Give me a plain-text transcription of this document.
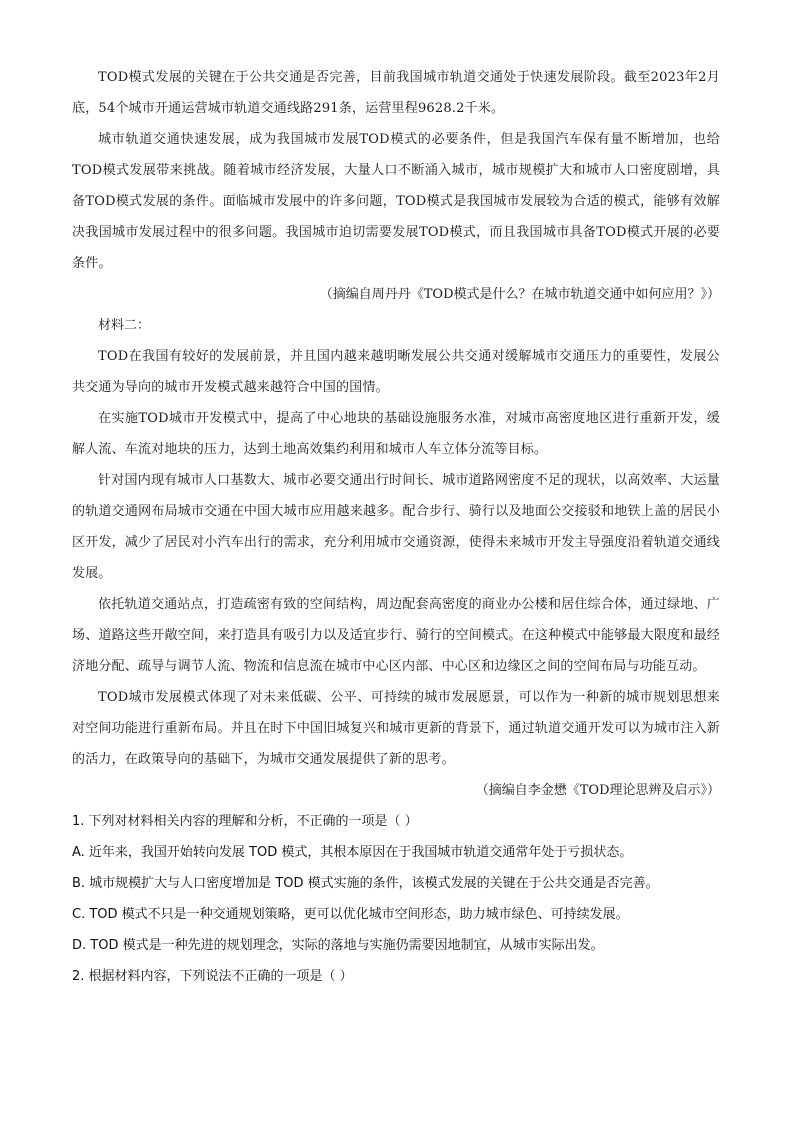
TOD模式发展的关键在于公共交通是否完善，目前我国城市轨道交通处于快速发展阶段。截至2023年2月底，54个城市开通运营城市轨道交通线路291条，运营里程9628.2千米。

城市轨道交通快速发展，成为我国城市发展TOD模式的必要条件，但是我国汽车保有量不断增加，也给TOD模式发展带来挑战。随着城市经济发展，大量人口不断涌入城市，城市规模扩大和城市人口密度剧增，具备TOD模式发展的条件。面临城市发展中的许多问题，TOD模式是我国城市发展较为合适的模式，能够有效解决我国城市发展过程中的很多问题。我国城市迫切需要发展TOD模式，而且我国城市具备TOD模式开展的必要条件。

（摘编自周丹丹《TOD模式是什么？在城市轨道交通中如何应用？》）

材料二：

TOD在我国有较好的发展前景，并且国内越来越明晰发展公共交通对缓解城市交通压力的重要性，发展公共交通为导向的城市开发模式越来越符合中国的国情。

在实施TOD城市开发模式中，提高了中心地块的基础设施服务水准，对城市高密度地区进行重新开发，缓解人流、车流对地块的压力，达到土地高效集约利用和城市人车立体分流等目标。

针对国内现有城市人口基数大、城市必要交通出行时间长、城市道路网密度不足的现状，以高效率、大运量的轨道交通网布局城市交通在中国大城市应用越来越多。配合步行、骑行以及地面公交接驳和地铁上盖的居民小区开发，减少了居民对小汽车出行的需求，充分利用城市交通资源，使得未来城市开发主导强度沿着轨道交通线发展。

依托轨道交通站点，打造疏密有致的空间结构，周边配套高密度的商业办公楼和居住综合体，通过绿地、广场、道路这些开敞空间，来打造具有吸引力以及适宜步行、骑行的空间模式。在这种模式中能够最大限度和最经济地分配、疏导与调节人流、物流和信息流在城市中心区内部、中心区和边缘区之间的空间布局与功能互动。

TOD城市发展模式体现了对未来低碳、公平、可持续的城市发展愿景，可以作为一种新的城市规划思想来对空间功能进行重新布局。并且在时下中国旧城复兴和城市更新的背景下，通过轨道交通开发可以为城市注入新的活力，在政策导向的基础下，为城市交通发展提供了新的思考。

（摘编自李金懋《TOD理论思辨及启示》）

1. 下列对材料相关内容的理解和分析，不正确的一项是（ ）

A. 近年来，我国开始转向发展 TOD 模式，其根本原因在于我国城市轨道交通常年处于亏损状态。

B. 城市规模扩大与人口密度增加是 TOD 模式实施的条件，该模式发展的关键在于公共交通是否完善。

C. TOD 模式不只是一种交通规划策略，更可以优化城市空间形态，助力城市绿色、可持续发展。

D. TOD 模式是一种先进的规划理念，实际的落地与实施仍需要因地制宜，从城市实际出发。

2. 根据材料内容，下列说法不正确的一项是（ ）
